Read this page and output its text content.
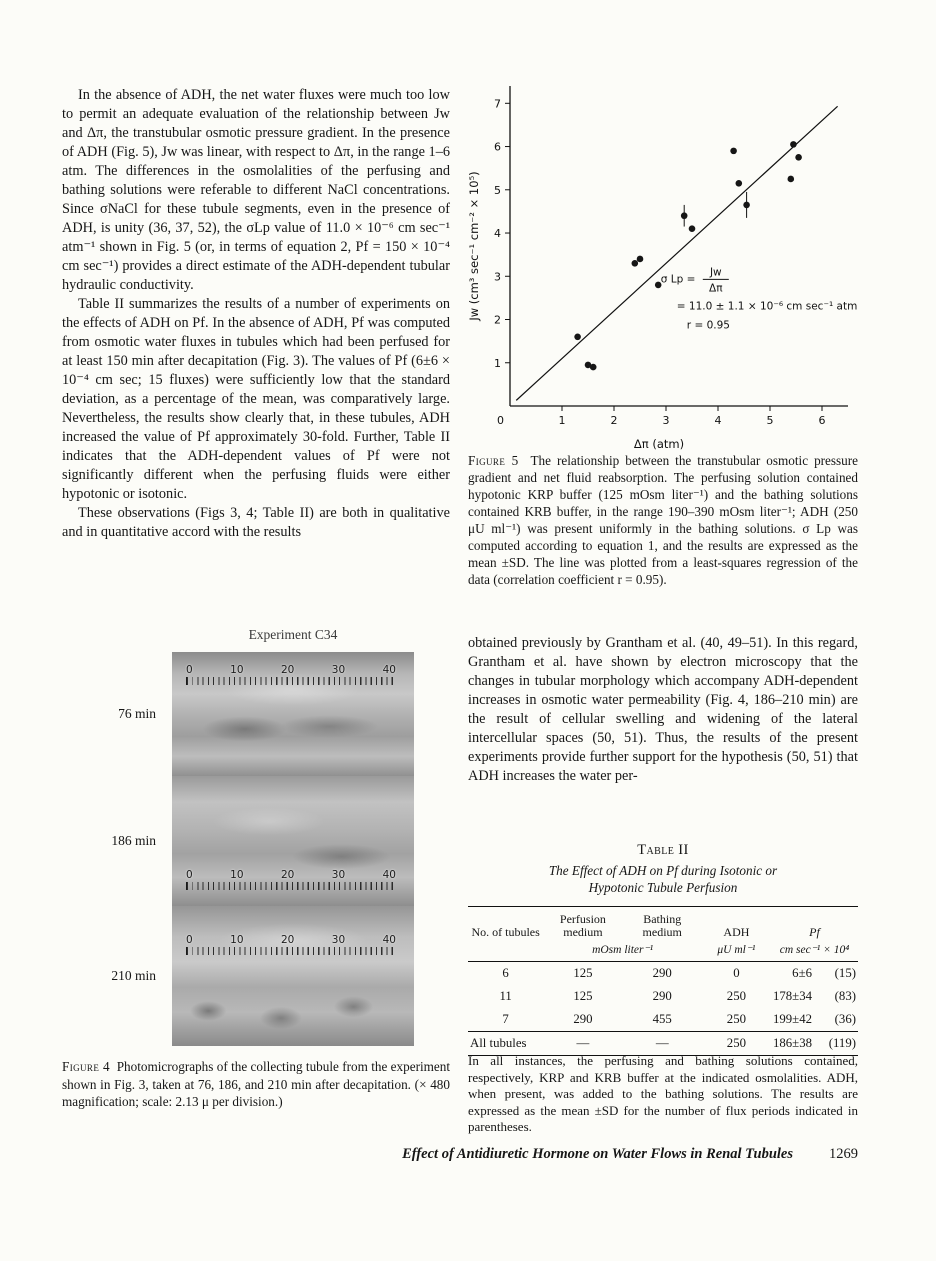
In the absence of ADH, the net water fluxes were much too low to permit an adequate evaluation of the relationship between Jw and Δπ, the transtubular osmotic pressure gradient. In the presence of ADH (Fig. 5), Jw was linear, with respect to Δπ, in the range 1–6 atm. The differences in the osmolalities of the perfusing and bathing solutions were referable to different NaCl concentrations. Since σNaCl for these tubule segments, even in the presence of ADH, is unity (36, 37, 52), the σLp value of 11.0 × 10⁻⁶ cm sec⁻¹ atm⁻¹ shown in Fig. 5 (or, in terms of equation 2, Pf = 150 × 10⁻⁴ cm sec⁻¹) provides a direct estimate of the ADH-dependent tubular hydraulic conductivity.

Table II summarizes the results of a number of experiments on the effects of ADH on Pf. In the absence of ADH, Pf was computed from osmotic water fluxes in tubules which had been perfused for at least 150 min after decapitation (Fig. 3). The values of Pf (6±6 × 10⁻⁴ cm sec; 15 fluxes) were sufficiently low that the standard deviation, as a percentage of the mean, was comparatively large. Nevertheless, the results show clearly that, in these tubules, ADH increased the value of Pf approximately 30-fold. Further, Table II indicates that the ADH-dependent values of Pf were not significantly different when the perfusing fluids were either hypotonic or isotonic.

These observations (Figs 3, 4; Table II) are both in qualitative and in quantitative accord with the results

Experiment C34
76 min
0	10	20	30	40
186 min
0	10	20	30	40
210 min
0	10	20	30	40
Figure 4 Photomicrographs of the collecting tubule from the experiment shown in Fig. 3, taken at 76, 186, and 210 min after decapitation. (× 480 magnification; scale: 2.13 μ per division.)
1	2	3	4	5	6
1
2
3
4
5
6
7
0
Δπ (atm)
Jw (cm³ sec⁻¹ cm⁻² × 10⁵)	σ Lp =
Jw
Δπ
= 11.0 ± 1.1 × 10⁻⁶ cm sec⁻¹ atm⁻¹
r = 0.95
Figure 5 The relationship between the transtubular osmotic pressure gradient and net fluid reabsorption. The perfusing solution contained hypotonic KRP buffer (125 mOsm liter⁻¹) and the bathing solutions contained KRB buffer, in the range 190–390 mOsm liter⁻¹; ADH (250 μU ml⁻¹) was present uniformly in the bathing solutions. σ Lp was computed according to equation 1, and the results are expressed as the mean ±SD. The line was plotted from a least-squares regression of the data (correlation coefficient r = 0.95).

obtained previously by Grantham et al. (40, 49–51). In this regard, Grantham et al. have shown by electron microscopy that the changes in tubular morphology which accompany ADH-dependent increases in osmotic water permeability (Fig. 4, 186–210 min) are the result of cellular swelling and widening of the lateral intercellular spaces (50, 51). Thus, the results of the present experiments provide further support for the hypothesis (50, 51) that ADH increases the water per-

Table II
The Effect of ADH on Pf during Isotonic or
Hypotonic Tubule Perfusion
No. of tubules	Perfusion medium	Bathing medium	ADH	Pf
	mOsm liter⁻¹		μU ml⁻¹	cm sec⁻¹ × 10⁴
6	125	290	0	6±6 (15)

11	125	290	250	178±34 (83)

7	290	455	250	199±42 (36)

All tubules	—	—	250	186±38 (119)
In all instances, the perfusing and bathing solutions contained, respectively, KRP and KRB buffer at the indicated osmolalities. ADH, when present, was added to the bathing solutions. The results are expressed as the mean ±SD for the number of flux periods indicated in parentheses.
Effect of Antidiuretic Hormone on Water Flows in Renal Tubules 1269
